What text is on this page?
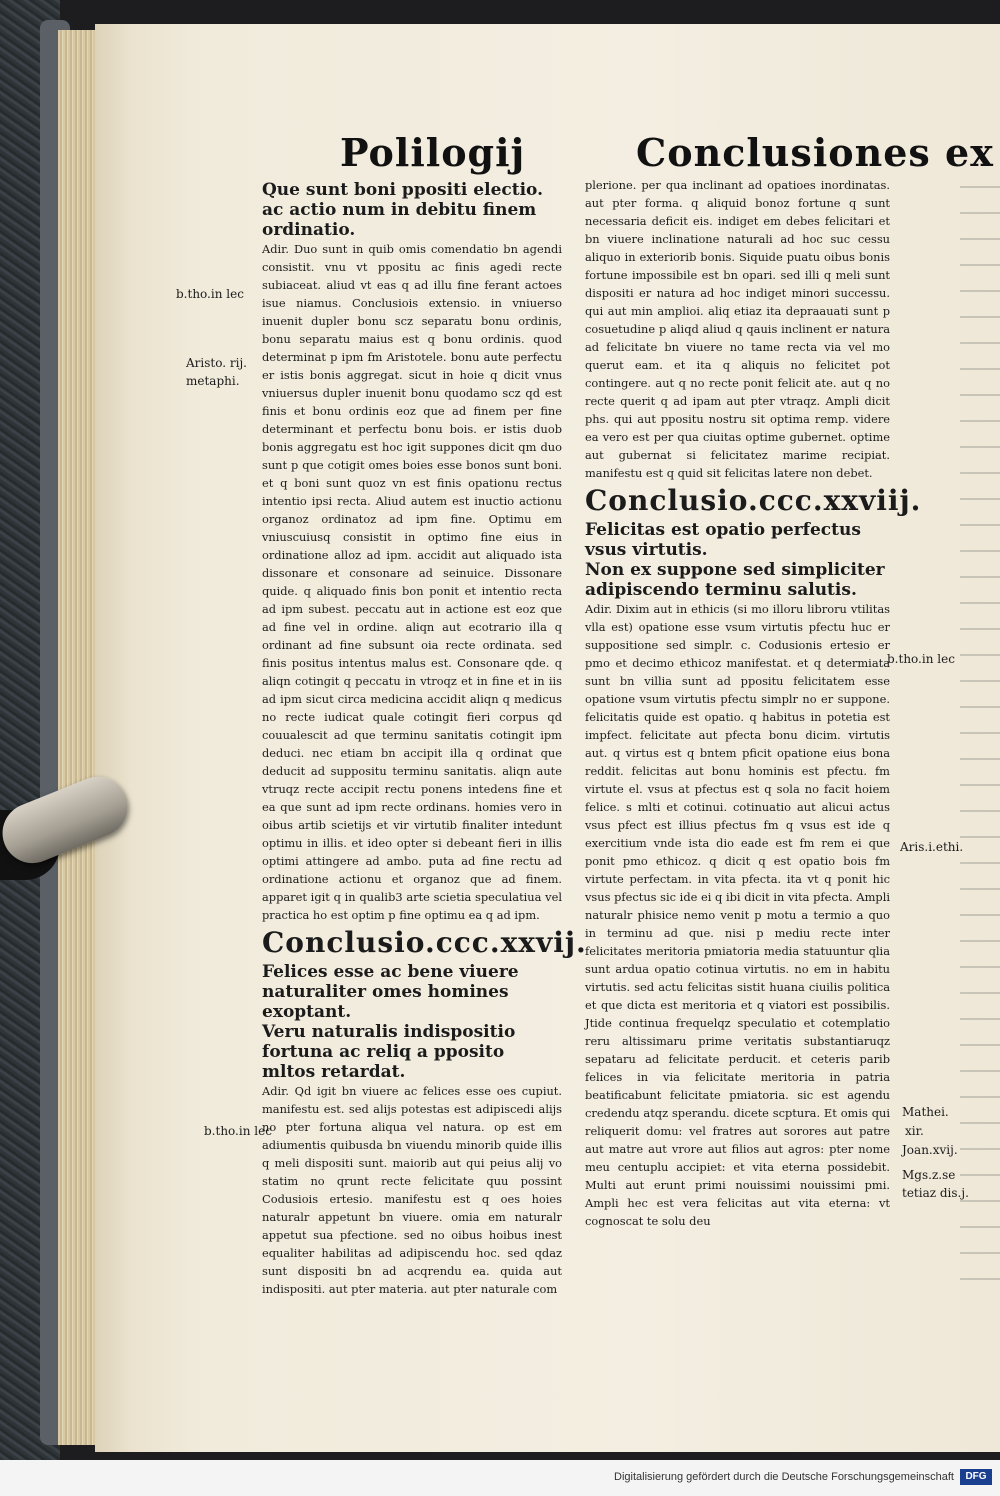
Polilogij	Conclusiones ex

Que sunt boni ppositi electio. ac actio num in debitu finem ordinatio.

Adir. Duo sunt in quib omis comendatio bn agendi consistit. vnu vt ppositu ac finis agedi recte subiaceat. aliud vt eas q ad illu fine ferant actoes isue niamus. Conclusiois extensio. in vniuerso inuenit dupler bonu scz separatu bonu ordinis, bonu separatu maius est q bonu ordinis. quod determinat p ipm fm Aristotele. bonu aute perfectu er istis bonis aggregat. sicut in hoie q dicit vnus vniuersus dupler inuenit bonu quodamo scz qd est finis et bonu ordinis eoz que ad finem per fine determinant et perfectu bonu bois. er istis duob bonis aggregatu est hoc igit suppones dicit qm duo sunt p que cotigit omes boies esse bonos sunt boni. et q boni sunt quoz vn est finis opationu rectus intentio ipsi recta. Aliud autem est inuctio actionu organoz ordinatoz ad ipm fine. Optimu em vniuscuiusq consistit in optimo fine eius in ordinatione alloz ad ipm. accidit aut aliquado ista dissonare et consonare ad seinuice. Dissonare quide. q aliquado finis bon ponit et intentio recta ad ipm subest. peccatu aut in actione est eoz que ad fine vel in ordine. aliqn aut ecotrario illa q ordinant ad fine subsunt oia recte ordinata. sed finis positus intentus malus est. Consonare qde. q aliqn cotingit q peccatu in vtroqz et in fine et in iis ad ipm sicut circa medicina accidit aliqn q medicus no recte iudicat quale cotingit fieri corpus qd couualescit ad que terminu sanitatis cotingit ipm deduci. nec etiam bn accipit illa q ordinat que deducit ad suppositu terminu sanitatis. aliqn aute vtruqz recte accipit rectu ponens intedens fine et ea que sunt ad ipm recte ordinans. homies vero in oibus artib scietijs et vir virtutib finaliter intedunt optimu in illis. et ideo opter si debeant fieri in illis optimi attingere ad ambo. puta ad fine rectu ad ordinatione actionu et organoz que ad finem. apparet igit q in qualib3 arte scietia speculatiua vel practica ho est optim p fine optimu ea q ad ipm.

Conclusio.ccc.xxvij.

Felices esse ac bene viuere naturaliter omes homines exoptant.

Veru naturalis indispositio fortuna ac reliq a pposito mltos retardat.

Adir. Qd igit bn viuere ac felices esse oes cupiut. manifestu est. sed alijs potestas est adipiscedi alijs no pter fortuna aliqua vel natura. op est em adiumentis quibusda bn viuendu minorib quide illis q meli dispositi sunt. maiorib aut qui peius alij vo statim no qrunt recte felicitate quu possint Codusiois ertesio. manifestu est q oes hoies naturalr appetunt bn viuere. omia em naturalr appetut sua pfectione. sed no oibus hoibus inest equaliter habilitas ad adipiscendu hoc. sed qdaz sunt dispositi bn ad acqrendu ea. quida aut indispositi. aut pter materia. aut pter naturale com

plerione. per qua inclinant ad opatioes inordinatas. aut pter forma. q aliquid bonoz fortune q sunt necessaria deficit eis. indiget em debes felicitari et bn viuere inclinatione naturali ad hoc suc cessu aliquo in exteriorib bonis. Siquide puatu oibus bonis fortune impossibile est bn opari. sed illi q meli sunt dispositi er natura ad hoc indiget minori successu. qui aut min amplioi. aliq etiaz ita depraauati sunt p cosuetudine p aliqd aliud q qauis inclinent er natura ad felicitate bn viuere no tame recta via vel mo querut eam. et ita q aliquis no felicitet pot contingere. aut q no recte ponit felicit ate. aut q no recte querit q ad ipam aut pter vtraqz. Ampli dicit phs. qui aut ppositu nostru sit optima remp. videre ea vero est per qua ciuitas optime gubernet. optime aut gubernat si felicitatez marime recipiat. manifestu est q quid sit felicitas latere non debet.

Conclusio.ccc.xxviij.

Felicitas est opatio perfectus vsus virtutis.

Non ex suppone sed simpliciter adipiscendo terminu salutis.

Adir. Dixim aut in ethicis (si mo illoru libroru vtilitas vlla est) opatione esse vsum virtutis pfectu huc er suppositione sed simplr. c. Codusionis ertesio er pmo et decimo ethicoz manifestat. et q determiata sunt bn villia sunt ad ppositu felicitatem esse opatione vsum virtutis pfectu simplr no er suppone. felicitatis quide est opatio. q habitus in potetia est impfect. felicitate aut pfecta bonu dicim. virtutis aut. q virtus est q bntem pficit opatione eius bona reddit. felicitas aut bonu hominis est pfectu. fm virtute el. vsus at pfectus est q sola no facit hoiem felice. s mlti et cotinui. cotinuatio aut alicui actus vsus pfect est illius pfectus fm q vsus est ide q exercitium vnde ista dio eade est fm rem ei que ponit pmo ethicoz. q dicit q est opatio bois fm virtute perfectam. in vita pfecta. ita vt q ponit hic vsus pfectus sic ide ei q ibi dicit in vita pfecta. Ampli naturalr phisice nemo venit p motu a termio a quo in terminu ad que. nisi p mediu recte inter felicitates meritoria pmiatoria media statuuntur qlia sunt ardua opatio cotinua virtutis. no em in habitu virtutis. sed actu felicitas sistit huana ciuilis politica et que dicta est meritoria et q viatori est possibilis. Jtide continua frequelqz speculatio et cotemplatio reru altissimaru prime veritatis substantiaruqz sepataru ad felicitate perducit. et ceteris parib felices in via felicitate meritoria in patria beatificabunt felicitate pmiatoria. sic est agendu credendu atqz sperandu. dicete scptura. Et omis qui reliquerit domu: vel fratres aut sorores aut patre aut matre aut vrore aut filios aut agros: pter nome meu centuplu accipiet: et vita eterna possidebit. Multi aut erunt primi nouissimi nouissimi pmi. Ampli hec est vera felicitas aut vita eterna: vt cognoscat te solu deu

b.tho.in lec
Aristo. rij.
metaphi.
b.tho.in lec
b.tho.in lec
Aris.i.ethi.
Mathei.
xir.
Joan.xvij.
Mgs.z.se
tetiaz dis.j.
Digitalisierung gefördert durch die Deutsche Forschungsgemeinschaft	DFG
